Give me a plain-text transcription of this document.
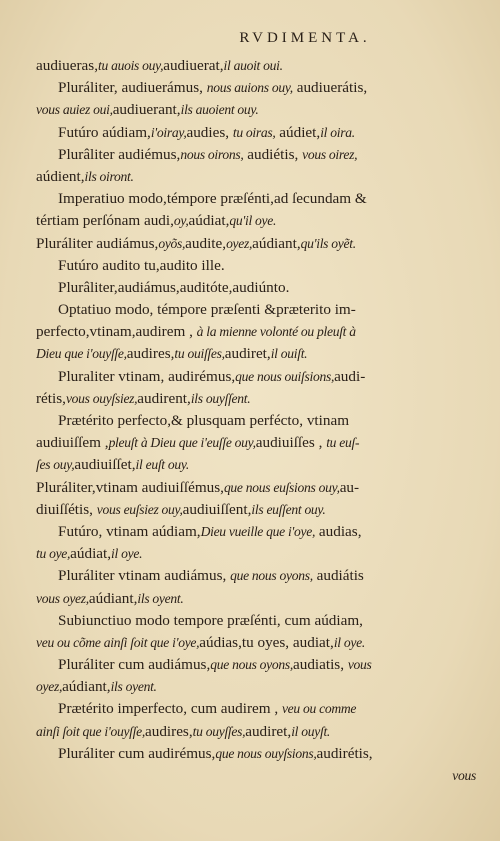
RVDIMENTA.
audiueras,tu auois ouy,audiuerat,il auoit oui.
Pluráliter, audiuerámus, nous auions ouy, audiuerátis,
vous auiez oui,audiuerant,ils auoient ouy.
Futúro aúdiam,i'oiray,audies, tu oiras, aúdiet,il oira.
Plurâliter audiémus,nous oirons, audiétis, vous oirez,
aúdient,ils oiront.
Imperatiuo modo,témpore præſénti,ad ſecundam &
tértiam perſónam audi,oy,aúdiat,qu'il oye.
Pluráliter audiámus,oyõs,audite,oyez,aúdiant,qu'ils oyẽt.
Futúro audito tu,audito ille.
Plurâliter,audiámus,auditóte,audiúnto.
Optatiuo modo, témpore præſenti &præterito im-
perfecto,vtinam,audirem , à la mienne volonté ou pleuſt à
Dieu que i'ouyſſe,audires,tu ouiſſes,audiret,il ouiſt.
Pluraliter vtinam, audirémus,que nous ouiſsions,audi-
rétis,vous ouyſsiez,audirent,ils ouyſſent.
Prætérito perfecto,& plusquam perfécto, vtinam
audiuiſſem ,pleuſt à Dieu que i'euſſe ouy,audiuiſſes , tu euſ-
ſes ouy,audiuiſſet,il euſt ouy.
Pluráliter,vtinam audiuiſſémus,que nous euſsions ouy,au-
diuiſſétis, vous euſsiez ouy,audiuiſſent,ils euſſent ouy.
Futúro, vtinam aúdiam,Dieu vueille que i'oye, audias,
tu oye,aúdiat,il oye.
Pluráliter vtinam audiámus, que nous oyons, audiátis
vous oyez,aúdiant,ils oyent.
Subiunctiuo modo tempore præſénti, cum aúdiam,
veu ou cõme ainſi ſoit que i'oye,aúdias,tu oyes, audiat,il oye.
Pluráliter cum audiámus,que nous oyons,audiatis, vous
oyez,aúdiant,ils oyent.
Prætérito imperfecto, cum audirem , veu ou comme
ainſi ſoit que i'ouyſſe,audires,tu ouyſſes,audiret,il ouyſt.
Pluráliter cum audirémus,que nous ouyſsions,audirétis,
vous
